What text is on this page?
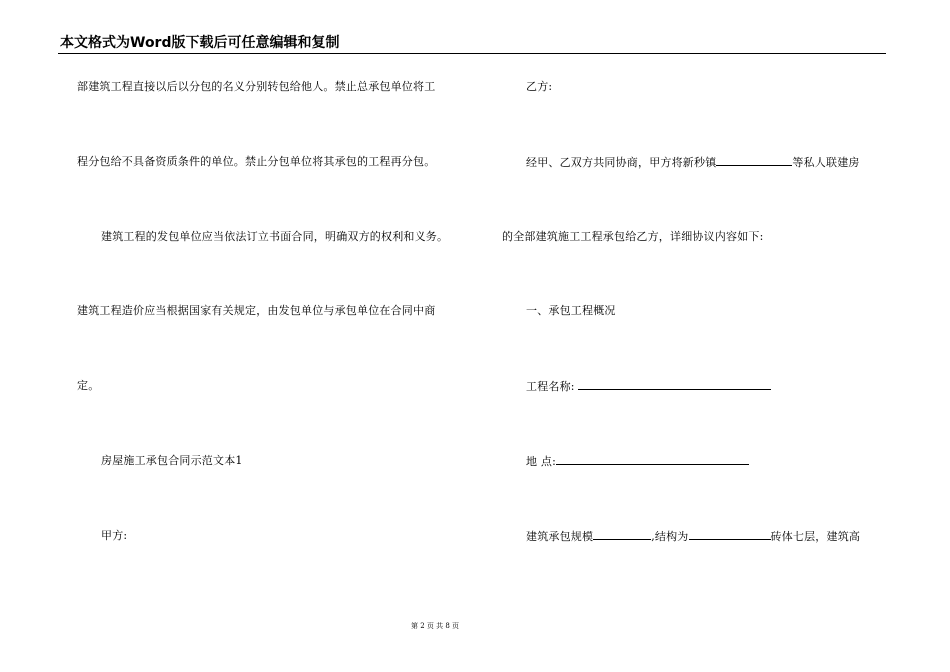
本文格式为Word版下载后可任意编辑和复制
部建筑工程直接以后以分包的名义分别转包给他人。禁止总承包单位将工
程分包给不具备资质条件的单位。禁止分包单位将其承包的工程再分包。
建筑工程的发包单位应当依法订立书面合同，明确双方的权利和义务。
建筑工程造价应当根据国家有关规定，由发包单位与承包单位在合同中商
定。
房屋施工承包合同示范文本1
甲方:
乙方:
经甲、乙双方共同协商，甲方将新秒镇	等私人联建房
的全部建筑施工工程承包给乙方，详细协议内容如下:
一、承包工程概况
工程名称:
地 点:
建筑承包规模	,结构为	砖体七层，建筑高
第 2 页 共 8 页
